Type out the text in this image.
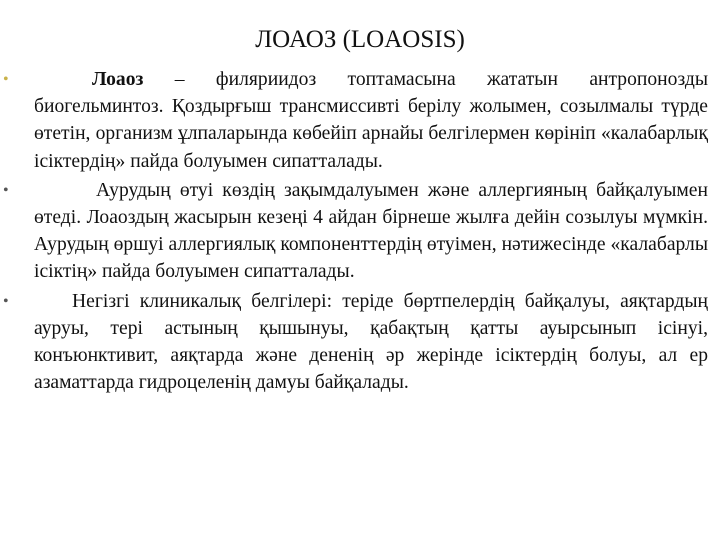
ЛОАОЗ (LOAOSIS)

•	Лоаоз – филяриидоз топтамасына жататын антропонозды биогельминтоз. Қоздырғыш трансмиссивті берілу жолымен, созылмалы түрде өтетін, организм ұлпаларында көбейіп арнайы белгілермен көрініп «калабарлық ісіктердің» пайда болуымен сипатталады.

•	Аурудың өтуі көздің зақымдалуымен және аллергияның байқалуымен өтеді. Лоаоздың жасырын кезеңі 4 айдан бірнеше жылға дейін созылуы мүмкін. Аурудың өршуі аллергиялық компоненттердің өтуімен, нәтижесінде «калабарлы ісіктің» пайда болуымен сипатталады.

•	Негізгі клиникалық белгілері: теріде бөртпелердің байқалуы, аяқтардың ауруы, тері астының қышынуы, қабақтың қатты ауырсынып ісінуі, конъюнктивит, аяқтарда және дененің әр жерінде ісіктердің болуы, ал ер азаматтарда гидроцеленің дамуы байқалады.
